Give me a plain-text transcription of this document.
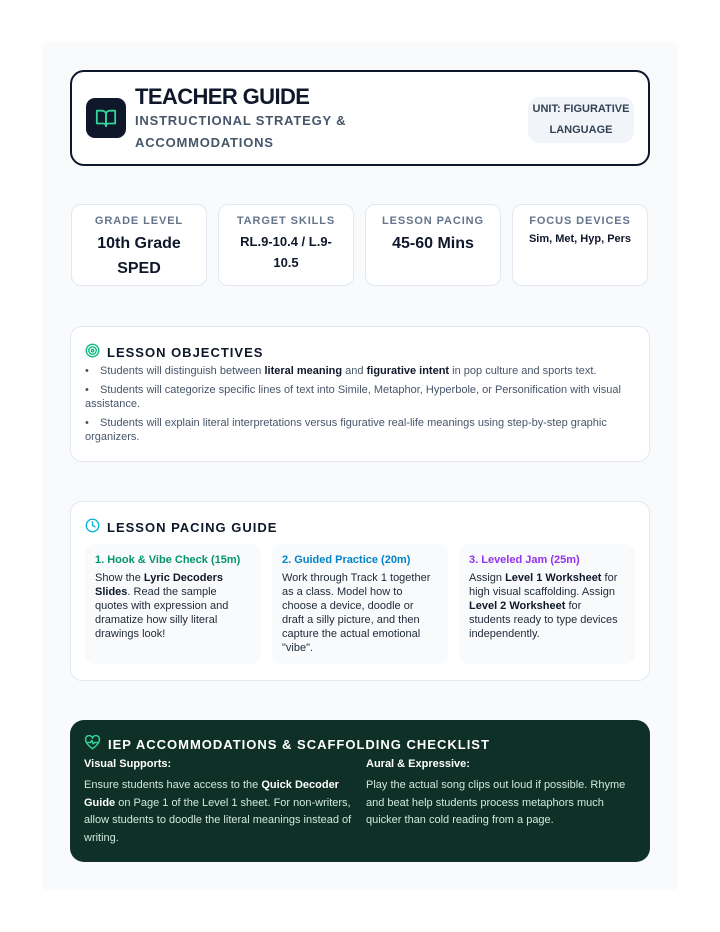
TEACHER GUIDE
INSTRUCTIONAL STRATEGY & ACCOMMODATIONS
UNIT: FIGURATIVE LANGUAGE
GRADE LEVEL
10th Grade SPED
TARGET SKILLS
RL.9-10.4 / L.9-10.5
LESSON PACING
45-60 Mins
FOCUS DEVICES
Sim, Met, Hyp, Pers
LESSON OBJECTIVES
• Students will distinguish between literal meaning and figurative intent in pop culture and sports text.
• Students will categorize specific lines of text into Simile, Metaphor, Hyperbole, or Personification with visual assistance.
• Students will explain literal interpretations versus figurative real-life meanings using step-by-step graphic organizers.
LESSON PACING GUIDE
1. Hook & Vibe Check (15m)
Show the Lyric Decoders Slides. Read the sample quotes with expression and dramatize how silly literal drawings look!
2. Guided Practice (20m)
Work through Track 1 together as a class. Model how to choose a device, doodle or draft a silly picture, and then capture the actual emotional "vibe".
3. Leveled Jam (25m)
Assign Level 1 Worksheet for high visual scaffolding. Assign Level 2 Worksheet for students ready to type devices independently.
IEP ACCOMMODATIONS & SCAFFOLDING CHECKLIST
Visual Supports:
Ensure students have access to the Quick Decoder Guide on Page 1 of the Level 1 sheet. For non-writers, allow students to doodle the literal meanings instead of writing.
Aural & Expressive:
Play the actual song clips out loud if possible. Rhyme and beat help students process metaphors much quicker than cold reading from a page.
